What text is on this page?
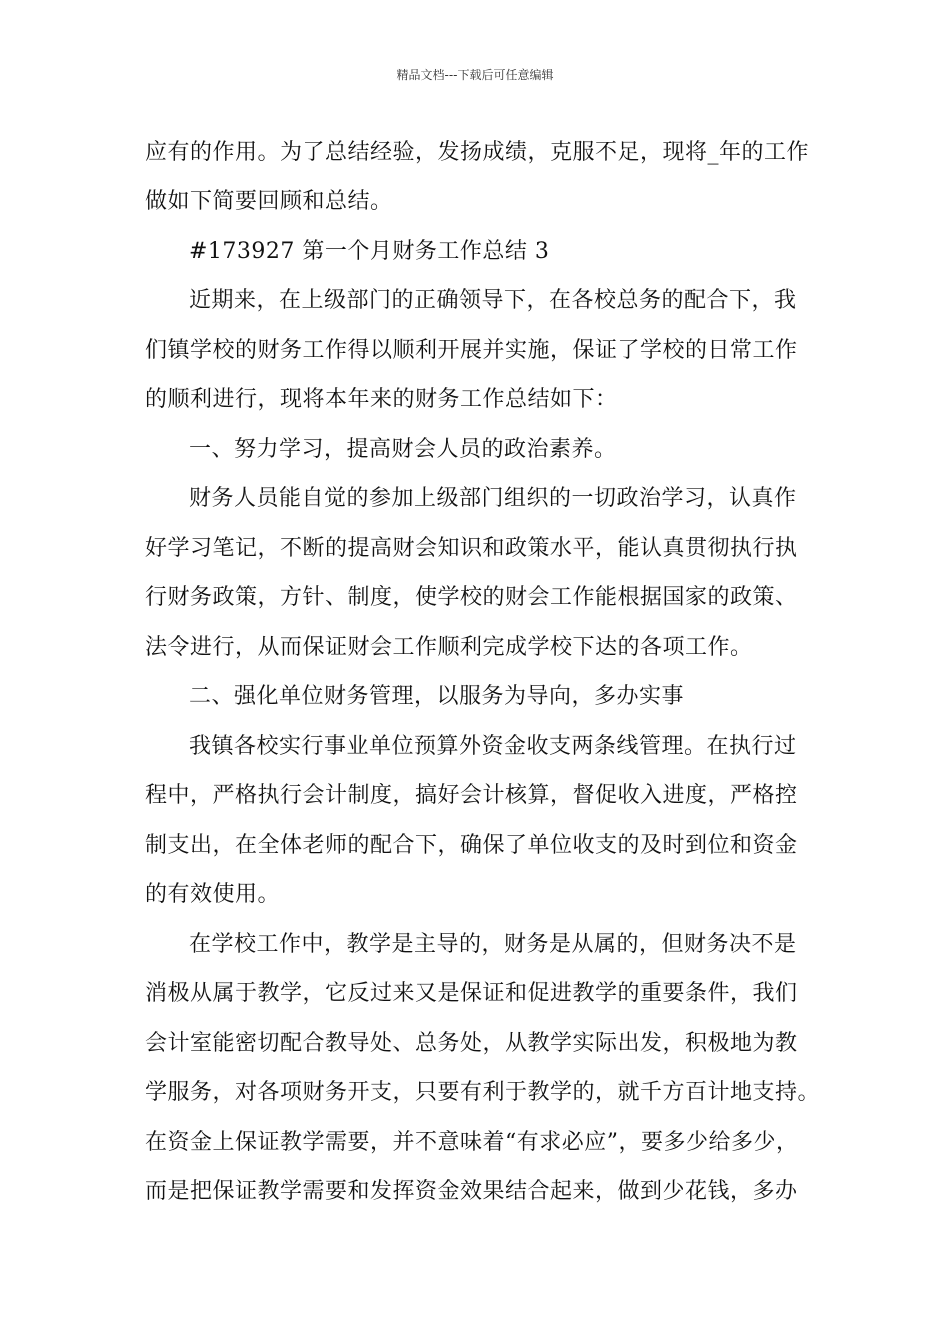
精品文档---下载后可任意编辑
应有的作用。为了总结经验，发扬成绩，克服不足，现将_年的工作
做如下简要回顾和总结。
#173927 第一个月财务工作总结 3
近期来，在上级部门的正确领导下，在各校总务的配合下，我
们镇学校的财务工作得以顺利开展并实施，保证了学校的日常工作
的顺利进行，现将本年来的财务工作总结如下：
一、努力学习，提高财会人员的政治素养。
财务人员能自觉的参加上级部门组织的一切政治学习，认真作
好学习笔记，不断的提高财会知识和政策水平，能认真贯彻执行执
行财务政策，方针、制度，使学校的财会工作能根据国家的政策、
法令进行，从而保证财会工作顺利完成学校下达的各项工作。
二、强化单位财务管理，以服务为导向，多办实事
我镇各校实行事业单位预算外资金收支两条线管理。在执行过
程中，严格执行会计制度，搞好会计核算，督促收入进度，严格控
制支出，在全体老师的配合下，确保了单位收支的及时到位和资金
的有效使用。
在学校工作中，教学是主导的，财务是从属的，但财务决不是
消极从属于教学，它反过来又是保证和促进教学的重要条件，我们
会计室能密切配合教导处、总务处，从教学实际出发，积极地为教
学服务，对各项财务开支，只要有利于教学的，就千方百计地支持。
在资金上保证教学需要，并不意味着“有求必应”，要多少给多少，
而是把保证教学需要和发挥资金效果结合起来，做到少花钱，多办
